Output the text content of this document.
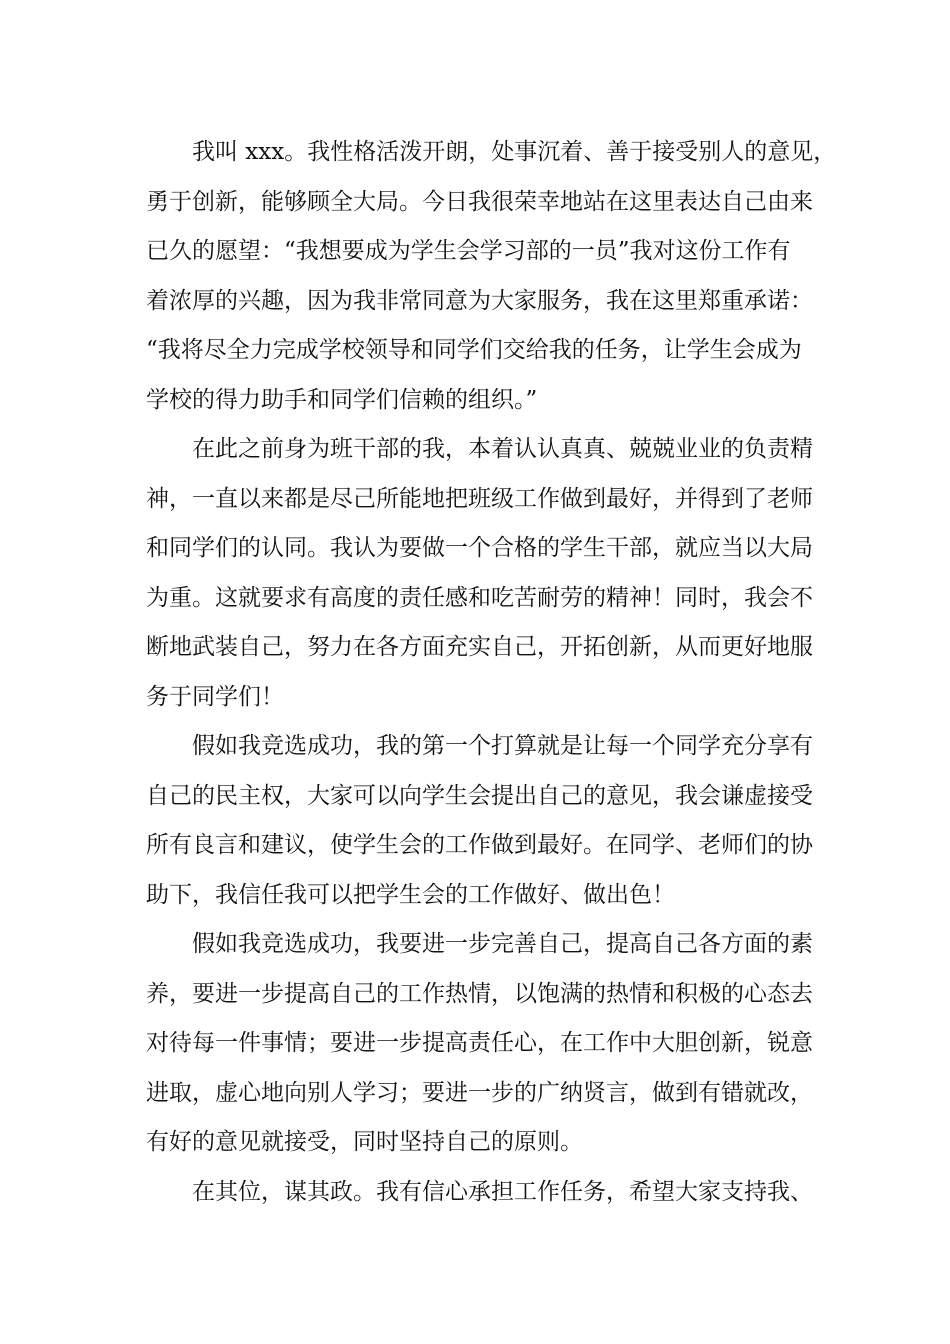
我叫 xxx。我性格活泼开朗，处事沉着、善于接受别人的意见，
勇于创新，能够顾全大局。今日我很荣幸地站在这里表达自己由来
已久的愿望：“我想要成为学生会学习部的一员”我对这份工作有
着浓厚的兴趣，因为我非常同意为大家服务，我在这里郑重承诺：
“我将尽全力完成学校领导和同学们交给我的任务，让学生会成为
学校的得力助手和同学们信赖的组织。”
在此之前身为班干部的我，本着认认真真、兢兢业业的负责精
神，一直以来都是尽己所能地把班级工作做到最好，并得到了老师
和同学们的认同。我认为要做一个合格的学生干部，就应当以大局
为重。这就要求有高度的责任感和吃苦耐劳的精神！同时，我会不
断地武装自己，努力在各方面充实自己，开拓创新，从而更好地服
务于同学们！
假如我竞选成功，我的第一个打算就是让每一个同学充分享有
自己的民主权，大家可以向学生会提出自己的意见，我会谦虚接受
所有良言和建议，使学生会的工作做到最好。在同学、老师们的协
助下，我信任我可以把学生会的工作做好、做出色！
假如我竞选成功，我要进一步完善自己，提高自己各方面的素
养，要进一步提高自己的工作热情，以饱满的热情和积极的心态去
对待每一件事情；要进一步提高责任心，在工作中大胆创新，锐意
进取，虚心地向别人学习；要进一步的广纳贤言，做到有错就改，
有好的意见就接受，同时坚持自己的原则。
在其位，谋其政。我有信心承担工作任务，希望大家支持我、
